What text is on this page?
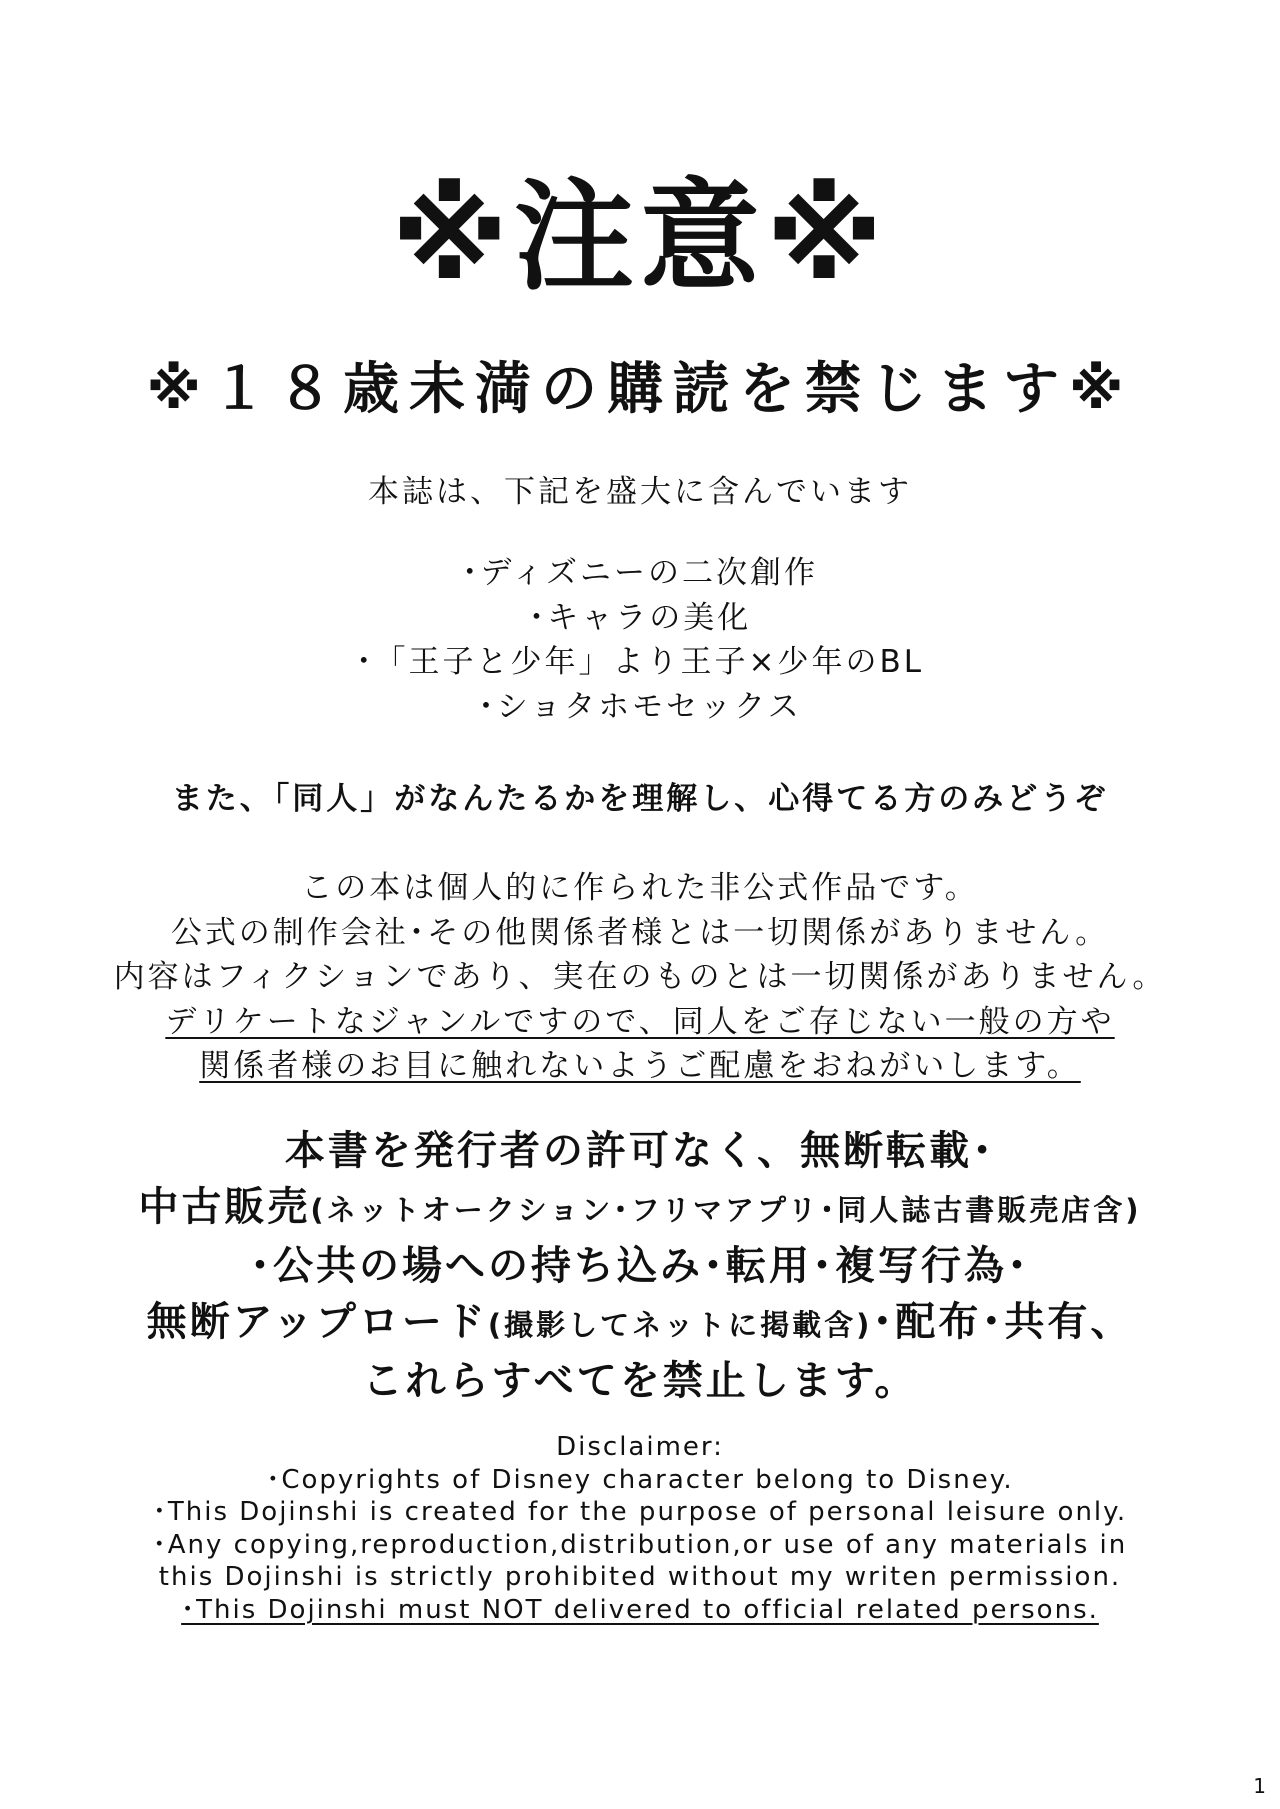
※注意※
※１８歳未満の購読を禁じます※
本誌は、下記を盛大に含んでいます
･ディズニーの二次創作
･キャラの美化
･「王子と少年」より王子×少年のBL
･ショタホモセックス
また、「同人」がなんたるかを理解し、心得てる方のみどうぞ
この本は個人的に作られた非公式作品です。
公式の制作会社･その他関係者様とは一切関係がありません。
内容はフィクションであり、実在のものとは一切関係がありません。
デリケートなジャンルですので、同人をご存じない一般の方や
関係者様のお目に触れないようご配慮をおねがいします。
本書を発行者の許可なく、無断転載･
中古販売(ネットオークション･フリマアプリ･同人誌古書販売店含)
･公共の場への持ち込み･転用･複写行為･
無断アップロード(撮影してネットに掲載含)･配布･共有、
これらすべてを禁止します。
Disclaimer:
･Copyrights of Disney character belong to Disney.
･This Dojinshi is created for the purpose of personal leisure only.
･Any copying,reproduction,distribution,or use of any materials in
this Dojinshi is strictly prohibited without my writen permission.
･This Dojinshi must NOT delivered to official related persons.
1
